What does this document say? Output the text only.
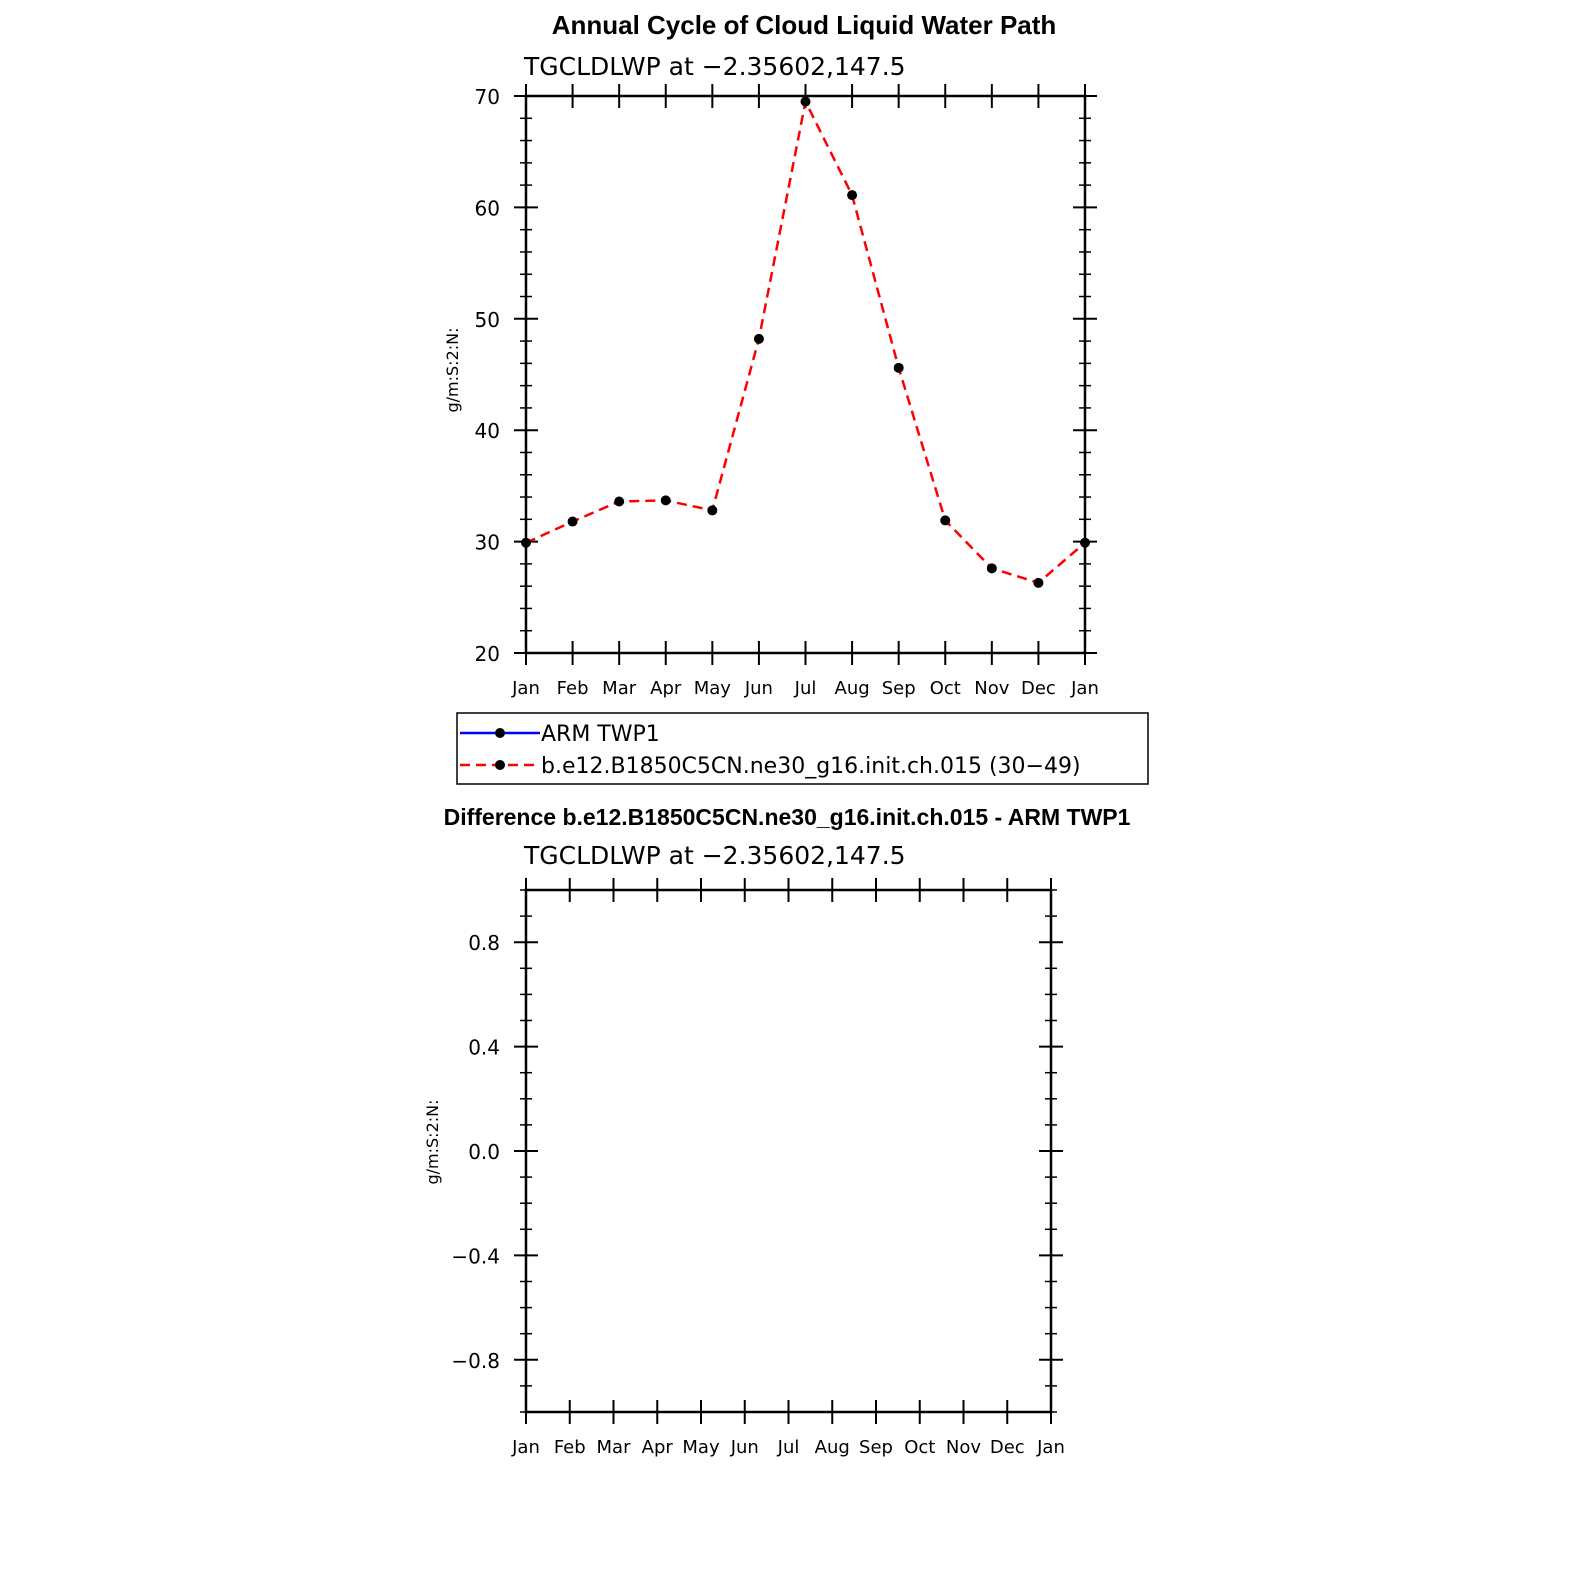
Annual Cycle of Cloud Liquid Water Path
TGCLDLWP at −2.35602,147.5
g/m:S:2:N:
20
30
40
50
60
70
Jan Feb Mar Apr May Jun Jul Aug Sep Oct Nov Dec Jan
ARM TWP1
b.e12.B1850C5CN.ne30_g16.init.ch.015 (30−49)
Difference b.e12.B1850C5CN.ne30_g16.init.ch.015 - ARM TWP1
TGCLDLWP at −2.35602,147.5
g/m:S:2:N:
−0.8
−0.4
0.0
0.4
0.8
Jan Feb Mar Apr May Jun Jul Aug Sep Oct Nov Dec Jan
